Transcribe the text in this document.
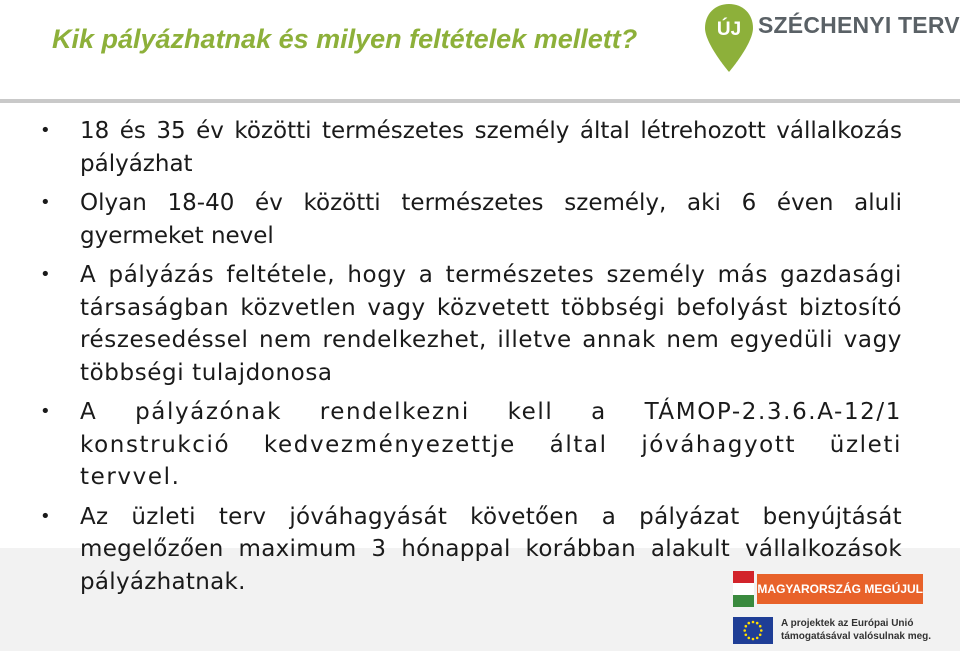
Kik pályázhatnak és milyen feltételek mellett?	ÚJ SZÉCHENYI TERV
• 18 és 35 év közötti természetes személy által létrehozott vállalkozás pályázhat
• Olyan 18-40 év közötti természetes személy, aki 6 éven aluli gyermeket nevel
• A pályázás feltétele, hogy a természetes személy más gazdasági társaságban közvetlen vagy közvetett többségi befolyást biztosító részesedéssel nem rendelkezhet, illetve annak nem egyedüli vagy többségi tulajdonosa
• A pályázónak rendelkezni kell a TÁMOP-2.3.6.A-12/1 konstrukció kedvezményezettje által jóváhagyott üzleti tervvel.
• Az üzleti terv jóváhagyását követően a pályázat benyújtását megelőzően maximum 3 hónappal korábban alakult vállalkozások pályázhatnak.	MAGYARORSZÁG MEGÚJUL
A projektek az Európai Unió
támogatásával valósulnak meg.
